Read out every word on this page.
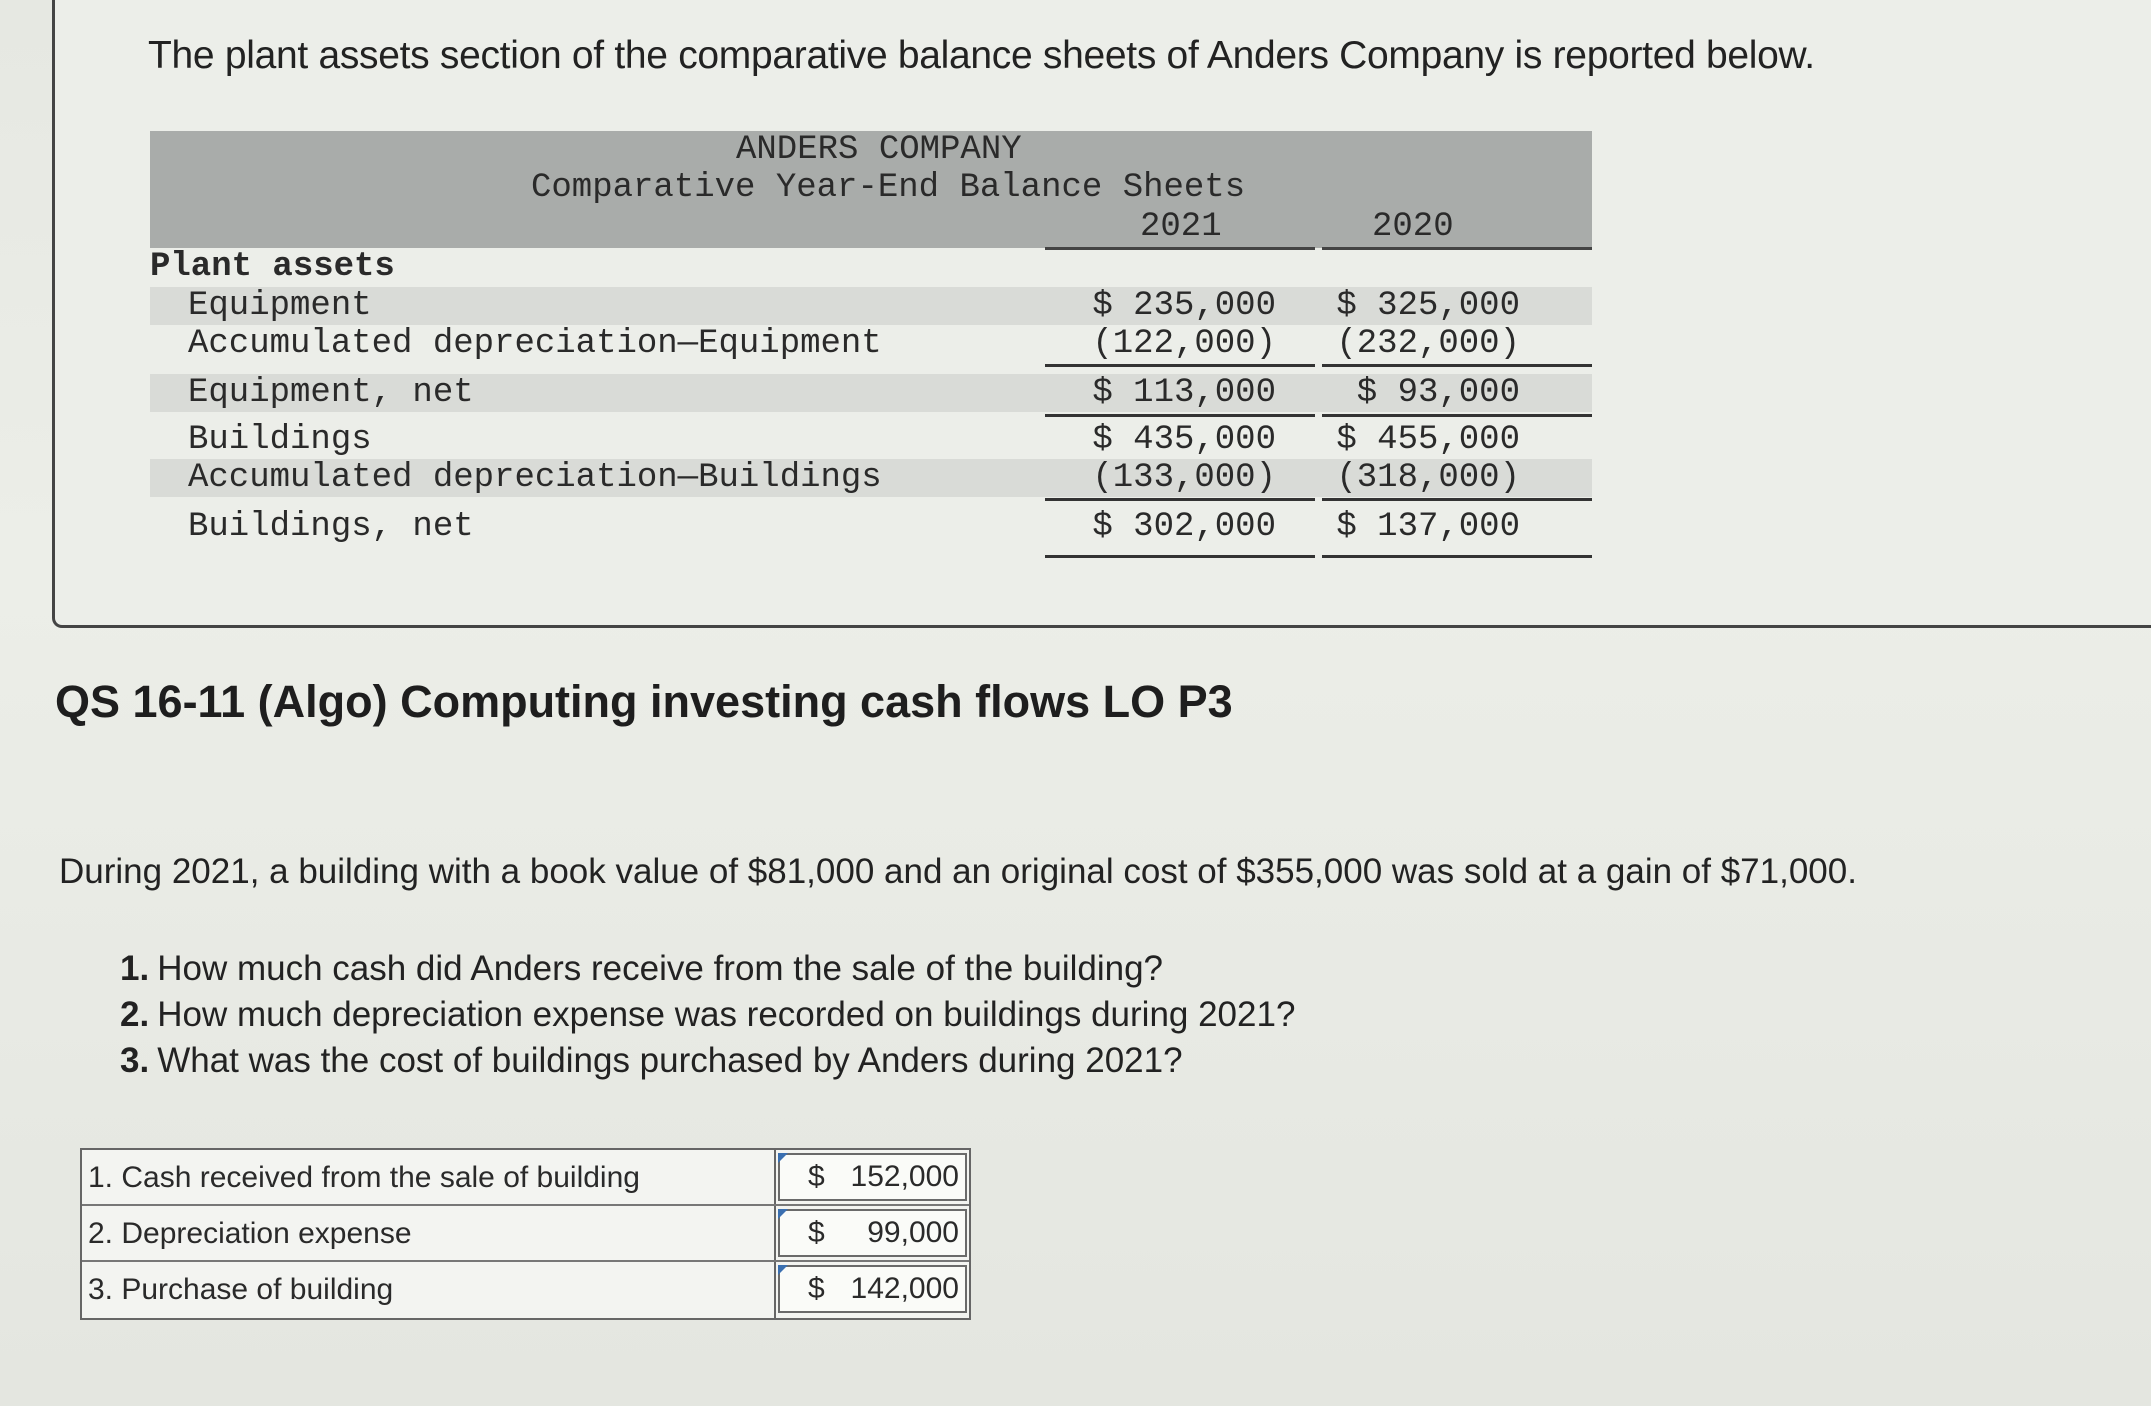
The plant assets section of the comparative balance sheets of Anders Company is reported below.
ANDERS COMPANY
Comparative Year-End Balance Sheets
2021	2020
Plant assets
Equipment	$ 235,000 $ 325,000
Accumulated depreciation—Equipment	(122,000) (232,000)
Equipment, net	$ 113,000	$ 93,000
Buildings	$ 435,000 $ 455,000
Accumulated depreciation—Buildings	(133,000) (318,000)
Buildings, net	$ 302,000 $ 137,000
QS 16-11 (Algo) Computing investing cash flows LO P3
During 2021, a building with a book value of $81,000 and an original cost of $355,000 was sold at a gain of $71,000.
1. How much cash did Anders receive from the sale of the building?
2. How much depreciation expense was recorded on buildings during 2021?
3. What was the cost of buildings purchased by Anders during 2021?
1. Cash received from the sale of building	$ 152,000
2. Depreciation expense	$ 99,000
3. Purchase of building	$ 142,000
